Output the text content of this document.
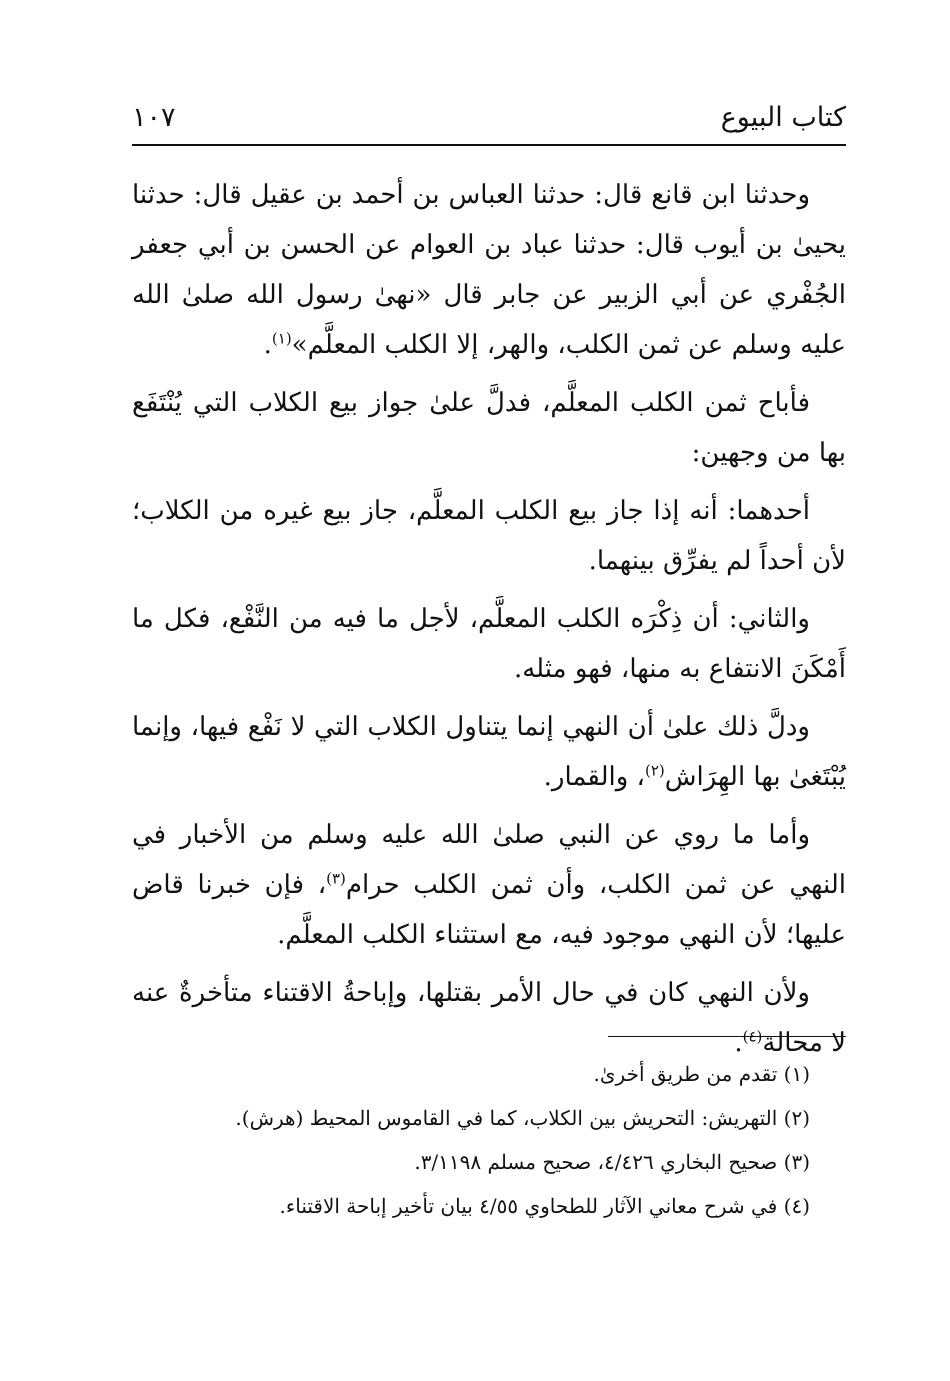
كتاب البيوع
١٠٧

وحدثنا ابن قانع قال: حدثنا العباس بن أحمد بن عقيل قال: حدثنا يحيىٰ بن أيوب قال: حدثنا عباد بن العوام عن الحسن بن أبي جعفر الجُفْري عن أبي الزبير عن جابر قال «نهىٰ رسول الله صلىٰ الله عليه وسلم عن ثمن الكلب، والهر، إلا الكلب المعلَّم»$^{(١)}$.

فأباح ثمن الكلب المعلَّم، فدلَّ علىٰ جواز بيع الكلاب التي يُنْتَفَع بها من وجهين:

أحدهما: أنه إذا جاز بيع الكلب المعلَّم، جاز بيع غيره من الكلاب؛ لأن أحداً لم يفرِّق بينهما.

والثاني: أن ذِكْرَه الكلب المعلَّم، لأجل ما فيه من النَّفْع، فكل ما أَمْكَنَ الانتفاع به منها، فهو مثله.

ودلَّ ذلك علىٰ أن النهي إنما يتناول الكلاب التي لا نَفْع فيها، وإنما يُبْتَغىٰ بها الهِرَاش$^{(٢)}$، والقمار.

وأما ما روي عن النبي صلىٰ الله عليه وسلم من الأخبار في النهي عن ثمن الكلب، وأن ثمن الكلب حرام$^{(٣)}$، فإن خبرنا قاض عليها؛ لأن النهي موجود فيه، مع استثناء الكلب المعلَّم.

ولأن النهي كان في حال الأمر بقتلها، وإباحةُ الاقتناء متأخرةٌ عنه لا محالة$^{(٤)}$.

(١) تقدم من طريق أخرىٰ.
(٢) التهريش: التحريش بين الكلاب، كما في القاموس المحيط (هرش).
(٣) صحيح البخاري ٤/٤٢٦، صحيح مسلم ٣/١١٩٨.
(٤) في شرح معاني الآثار للطحاوي ٤/٥٥ بيان تأخير إباحة الاقتناء.
